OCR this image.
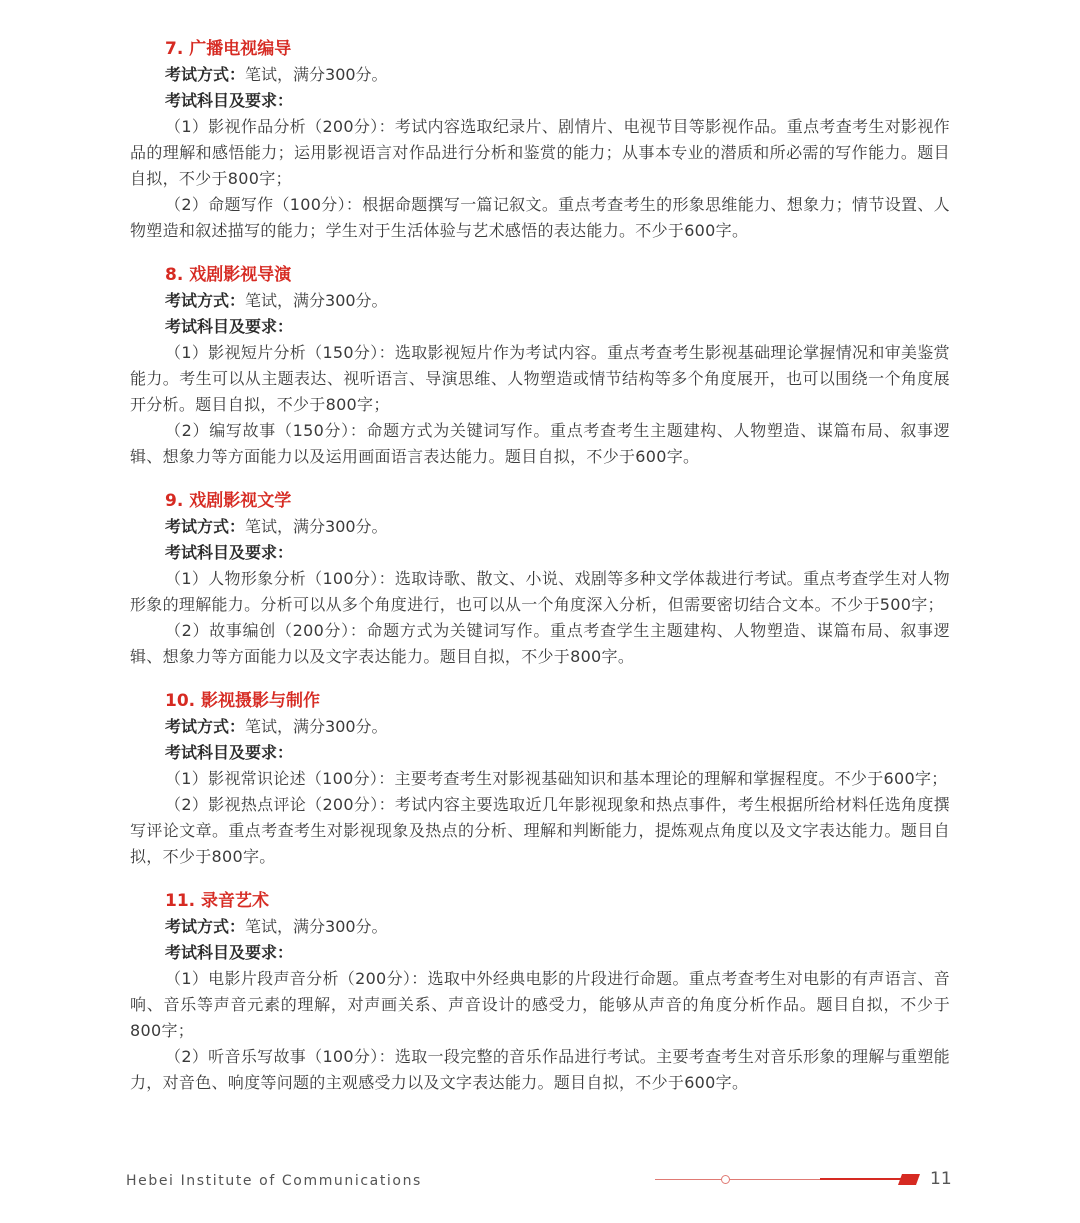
7. 广播电视编导
考试方式：笔试，满分300分。
考试科目及要求：
（1）影视作品分析（200分）：考试内容选取纪录片、剧情片、电视节目等影视作品。重点考查考生对影视作品的理解和感悟能力；运用影视语言对作品进行分析和鉴赏的能力；从事本专业的潜质和所必需的写作能力。题目自拟，不少于800字；
（2）命题写作（100分）：根据命题撰写一篇记叙文。重点考查考生的形象思维能力、想象力；情节设置、人物塑造和叙述描写的能力；学生对于生活体验与艺术感悟的表达能力。不少于600字。
8. 戏剧影视导演
考试方式：笔试，满分300分。
考试科目及要求：
（1）影视短片分析（150分）：选取影视短片作为考试内容。重点考查考生影视基础理论掌握情况和审美鉴赏能力。考生可以从主题表达、视听语言、导演思维、人物塑造或情节结构等多个角度展开，也可以围绕一个角度展开分析。题目自拟，不少于800字；
（2）编写故事（150分）：命题方式为关键词写作。重点考查考生主题建构、人物塑造、谋篇布局、叙事逻辑、想象力等方面能力以及运用画面语言表达能力。题目自拟，不少于600字。
9. 戏剧影视文学
考试方式：笔试，满分300分。
考试科目及要求：
（1）人物形象分析（100分）：选取诗歌、散文、小说、戏剧等多种文学体裁进行考试。重点考查学生对人物形象的理解能力。分析可以从多个角度进行，也可以从一个角度深入分析，但需要密切结合文本。不少于500字；
（2）故事编创（200分）：命题方式为关键词写作。重点考查学生主题建构、人物塑造、谋篇布局、叙事逻辑、想象力等方面能力以及文字表达能力。题目自拟，不少于800字。
10. 影视摄影与制作
考试方式：笔试，满分300分。
考试科目及要求：
（1）影视常识论述（100分）：主要考查考生对影视基础知识和基本理论的理解和掌握程度。不少于600字；
（2）影视热点评论（200分）：考试内容主要选取近几年影视现象和热点事件，考生根据所给材料任选角度撰写评论文章。重点考查考生对影视现象及热点的分析、理解和判断能力，提炼观点角度以及文字表达能力。题目自拟，不少于800字。
11. 录音艺术
考试方式：笔试，满分300分。
考试科目及要求：
（1）电影片段声音分析（200分）：选取中外经典电影的片段进行命题。重点考查考生对电影的有声语言、音响、音乐等声音元素的理解，对声画关系、声音设计的感受力，能够从声音的角度分析作品。题目自拟，不少于800字；
（2）听音乐写故事（100分）：选取一段完整的音乐作品进行考试。主要考查考生对音乐形象的理解与重塑能力，对音色、响度等问题的主观感受力以及文字表达能力。题目自拟，不少于600字。
Hebei Institute of Communications	11
